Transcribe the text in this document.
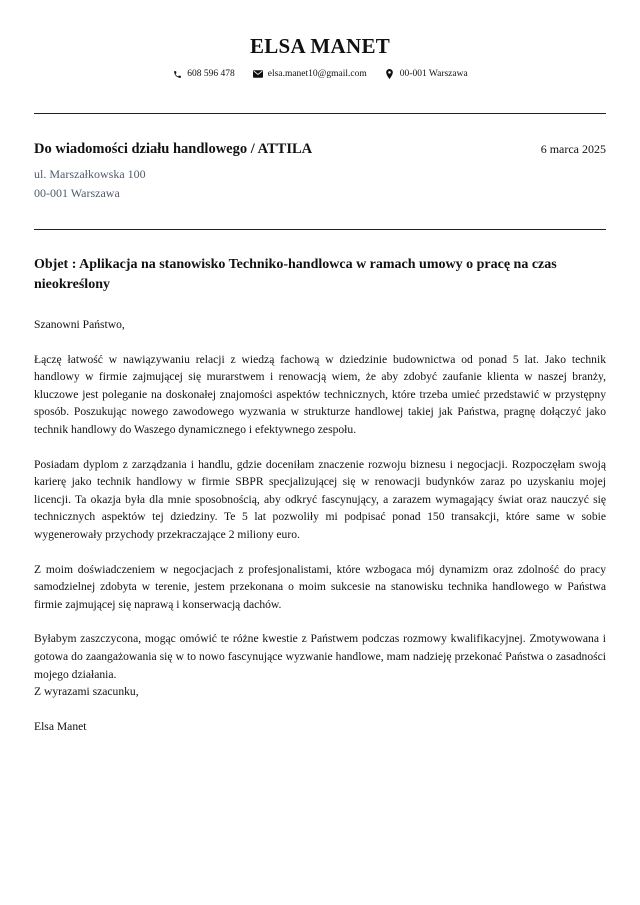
ELSA MANET
608 596 478	elsa.manet10@gmail.com	00-001 Warszawa
Do wiadomości działu handlowego / ATTILA	6 marca 2025
ul. Marszałkowska 100
00-001 Warszawa
Objet : Aplikacja na stanowisko Techniko-handlowca w ramach umowy o pracę na czas nieokreślony

Szanowni Państwo,

Łączę łatwość w nawiązywaniu relacji z wiedzą fachową w dziedzinie budownictwa od ponad 5 lat. Jako technik handlowy w firmie zajmującej się murarstwem i renowacją wiem, że aby zdobyć zaufanie klienta w naszej branży, kluczowe jest poleganie na doskonałej znajomości aspektów technicznych, które trzeba umieć przedstawić w przystępny sposób. Poszukując nowego zawodowego wyzwania w strukturze handlowej takiej jak Państwa, pragnę dołączyć jako technik handlowy do Waszego dynamicznego i efektywnego zespołu.

Posiadam dyplom z zarządzania i handlu, gdzie doceniłam znaczenie rozwoju biznesu i negocjacji. Rozpoczęłam swoją karierę jako technik handlowy w firmie SBPR specjalizującej się w renowacji budynków zaraz po uzyskaniu mojej licencji. Ta okazja była dla mnie sposobnością, aby odkryć fascynujący, a zarazem wymagający świat oraz nauczyć się technicznych aspektów tej dziedziny. Te 5 lat pozwoliły mi podpisać ponad 150 transakcji, które same w sobie wygenerowały przychody przekraczające 2 miliony euro.

Z moim doświadczeniem w negocjacjach z profesjonalistami, które wzbogaca mój dynamizm oraz zdolność do pracy samodzielnej zdobyta w terenie, jestem przekonana o moim sukcesie na stanowisku technika handlowego w Państwa firmie zajmującej się naprawą i konserwacją dachów.

Byłabym zaszczycona, mogąc omówić te różne kwestie z Państwem podczas rozmowy kwalifikacyjnej. Zmotywowana i gotowa do zaangażowania się w to nowo fascynujące wyzwanie handlowe, mam nadzieję przekonać Państwa o zasadności mojego działania.

Z wyrazami szacunku,

Elsa Manet
